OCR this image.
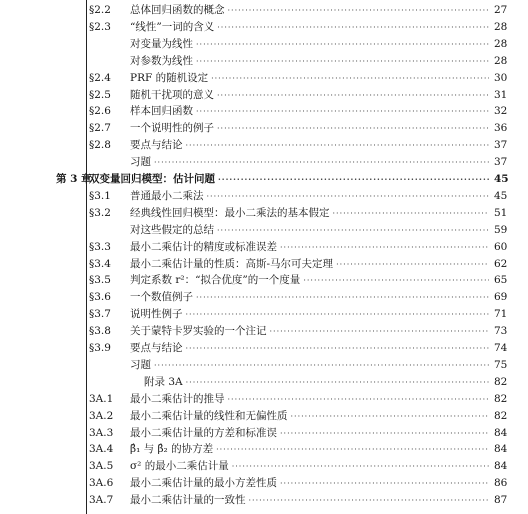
§2.2 总体回归函数的概念 ·····	27
§2.3 “线性”一词的含义 ·····	28
对变量为线性 ·····	28
对参数为线性 ·····	28
§2.4 PRF 的随机设定 ·····	30
§2.5 随机干扰项的意义 ·····	31
§2.6 样本回归函数 ·····	32
§2.7 一个说明性的例子 ·····	36
§2.8 要点与结论 ·····	37
习题 ·····	37
第 3 章
双变量回归模型：估计问题 ·····	45
§3.1 普通最小二乘法 ·····	45
§3.2 经典线性回归模型：最小二乘法的基本假定 ·····	51
对这些假定的总结 ·····	59
§3.3 最小二乘估计的精度或标准误差 ·····	60
§3.4 最小二乘估计量的性质：高斯-马尔可夫定理 ·····	62
§3.5 判定系数 r²：“拟合优度”的一个度量 ·····	65
§3.6 一个数值例子 ·····	69
§3.7 说明性例子 ·····	71
§3.8 关于蒙特卡罗实验的一个注记 ·····	73
§3.9 要点与结论 ·····	74
习题 ·····	75
附录 3A ·····	82
3A.1 最小二乘估计的推导 ·····	82
3A.2 最小二乘估计量的线性和无偏性质 ·····	82
3A.3 最小二乘估计量的方差和标准误 ·····	84
3A.4 β̂₁ 与 β̂₂ 的协方差 ·····	84
3A.5 σ² 的最小二乘估计量 ·····	84
3A.6 最小二乘估计量的最小方差性质 ·····	86
3A.7 最小二乘估计量的一致性 ·····	87
